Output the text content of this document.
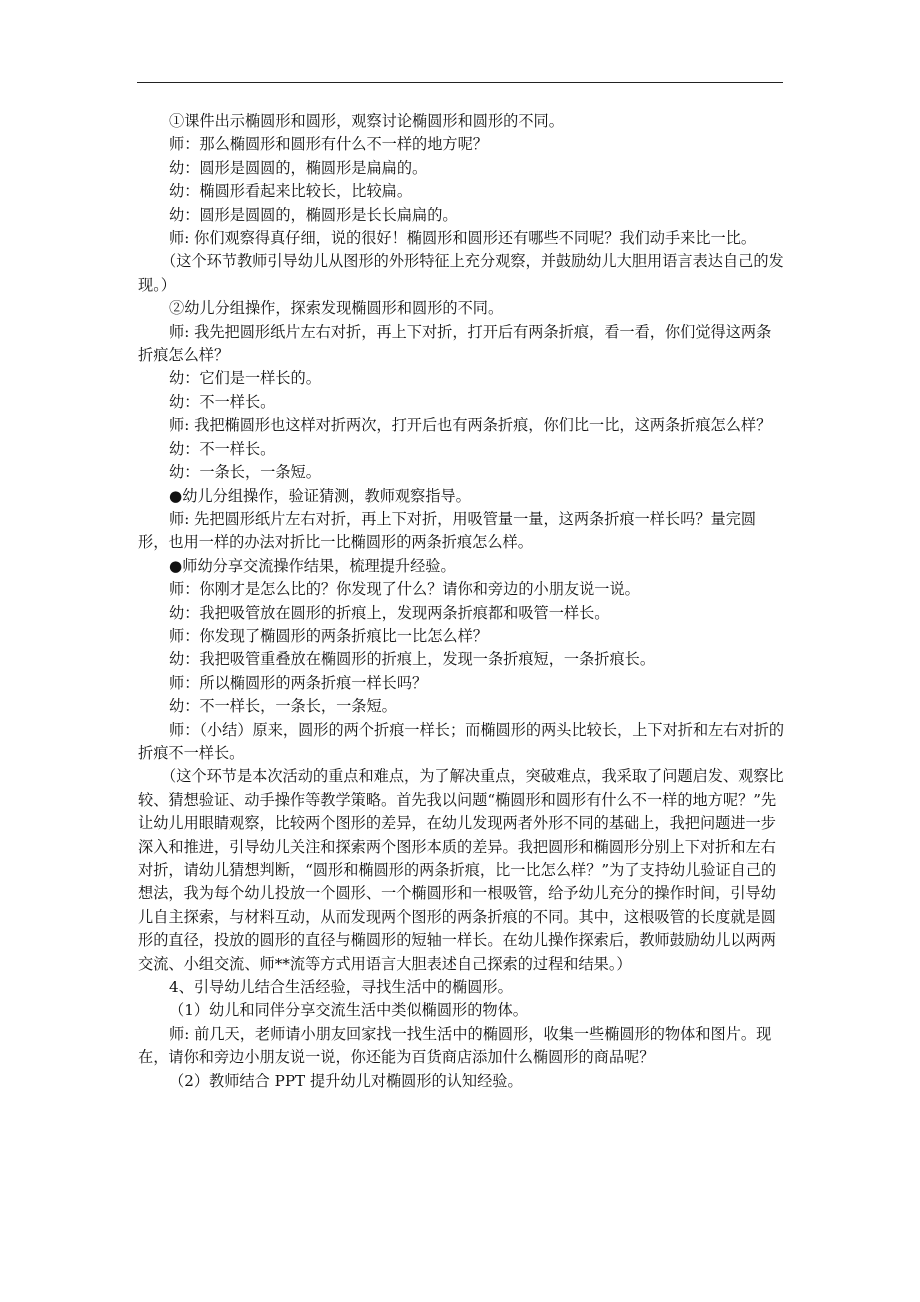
①课件出示椭圆形和圆形，观察讨论椭圆形和圆形的不同。

师：那么椭圆形和圆形有什么不一样的地方呢？

幼：圆形是圆圆的，椭圆形是扁扁的。

幼：椭圆形看起来比较长，比较扁。

幼：圆形是圆圆的，椭圆形是长长扁扁的。

师: 你们观察得真仔细，说的很好！椭圆形和圆形还有哪些不同呢？我们动手来比一比。

（这个环节教师引导幼儿从图形的外形特征上充分观察，并鼓励幼儿大胆用语言表达自己的发现。）

②幼儿分组操作，探索发现椭圆形和圆形的不同。

师: 我先把圆形纸片左右对折，再上下对折，打开后有两条折痕，看一看，你们觉得这两条折痕怎么样？

幼：它们是一样长的。

幼：不一样长。

师: 我把椭圆形也这样对折两次，打开后也有两条折痕，你们比一比，这两条折痕怎么样？

幼：不一样长。

幼：一条长，一条短。

●幼儿分组操作，验证猜测，教师观察指导。

师: 先把圆形纸片左右对折，再上下对折，用吸管量一量，这两条折痕一样长吗？量完圆形，也用一样的办法对折比一比椭圆形的两条折痕怎么样。

●师幼分享交流操作结果，梳理提升经验。

师：你刚才是怎么比的？你发现了什么？请你和旁边的小朋友说一说。

幼：我把吸管放在圆形的折痕上，发现两条折痕都和吸管一样长。

师：你发现了椭圆形的两条折痕比一比怎么样？

幼：我把吸管重叠放在椭圆形的折痕上，发现一条折痕短，一条折痕长。

师：所以椭圆形的两条折痕一样长吗？

幼：不一样长，一条长，一条短。

师：（小结）原来，圆形的两个折痕一样长；而椭圆形的两头比较长，上下对折和左右对折的折痕不一样长。

（这个环节是本次活动的重点和难点，为了解决重点，突破难点，我采取了问题启发、观察比较、猜想验证、动手操作等教学策略。首先我以问题“椭圆形和圆形有什么不一样的地方呢？”先让幼儿用眼睛观察，比较两个图形的差异，在幼儿发现两者外形不同的基础上，我把问题进一步深入和推进，引导幼儿关注和探索两个图形本质的差异。我把圆形和椭圆形分别上下对折和左右对折，请幼儿猜想判断，“圆形和椭圆形的两条折痕，比一比怎么样？”为了支持幼儿验证自己的想法，我为每个幼儿投放一个圆形、一个椭圆形和一根吸管，给予幼儿充分的操作时间，引导幼儿自主探索，与材料互动，从而发现两个图形的两条折痕的不同。其中，这根吸管的长度就是圆形的直径，投放的圆形的直径与椭圆形的短轴一样长。在幼儿操作探索后，教师鼓励幼儿以两两交流、小组交流、师**流等方式用语言大胆表述自己探索的过程和结果。）

4、引导幼儿结合生活经验，寻找生活中的椭圆形。

（1）幼儿和同伴分享交流生活中类似椭圆形的物体。

师: 前几天，老师请小朋友回家找一找生活中的椭圆形，收集一些椭圆形的物体和图片。现在，请你和旁边小朋友说一说，你还能为百货商店添加什么椭圆形的商品呢？

（2）教师结合 PPT 提升幼儿对椭圆形的认知经验。
